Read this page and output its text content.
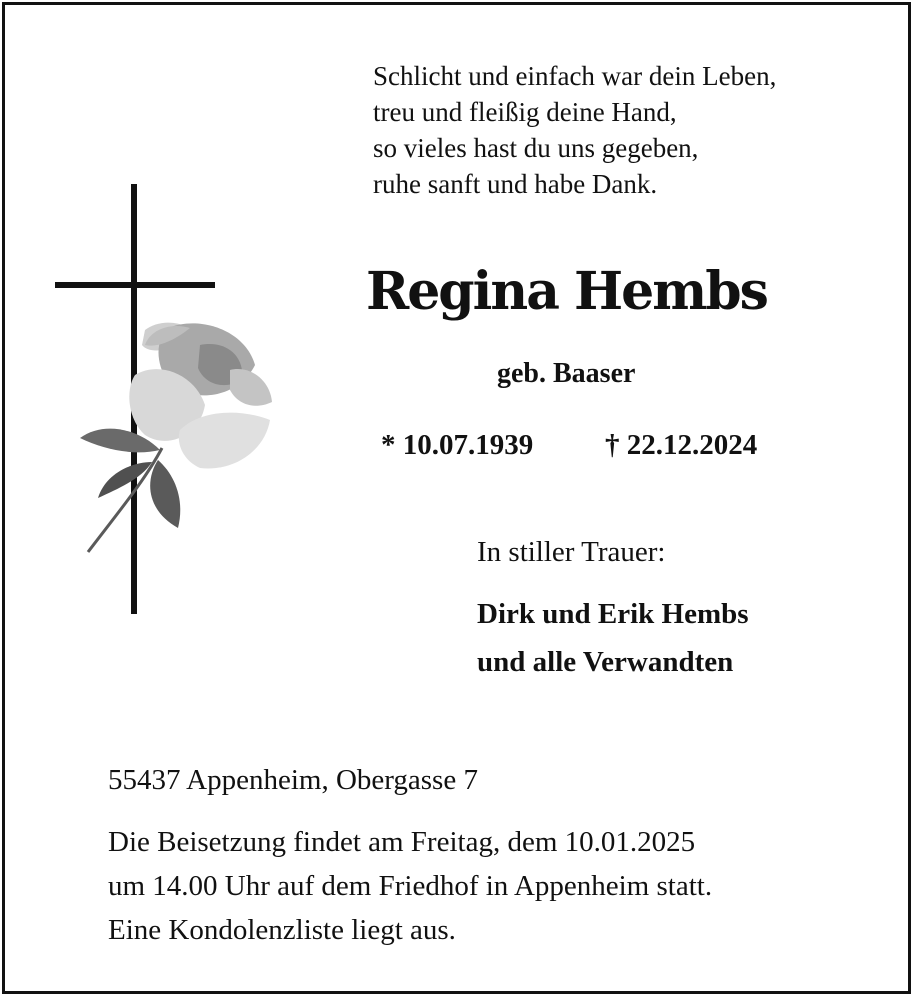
Schlicht und einfach war dein Leben,
treu und fleißig deine Hand,
so vieles hast du uns gegeben,
ruhe sanft und habe Dank.
Regina Hembs
geb. Baaser
* 10.07.1939 † 22.12.2024
In stiller Trauer:
Dirk und Erik Hembs
und alle Verwandten
55437 Appenheim, Obergasse 7
Die Beisetzung findet am Freitag, dem 10.01.2025
um 14.00 Uhr auf dem Friedhof in Appenheim statt.
Eine Kondolenzliste liegt aus.
